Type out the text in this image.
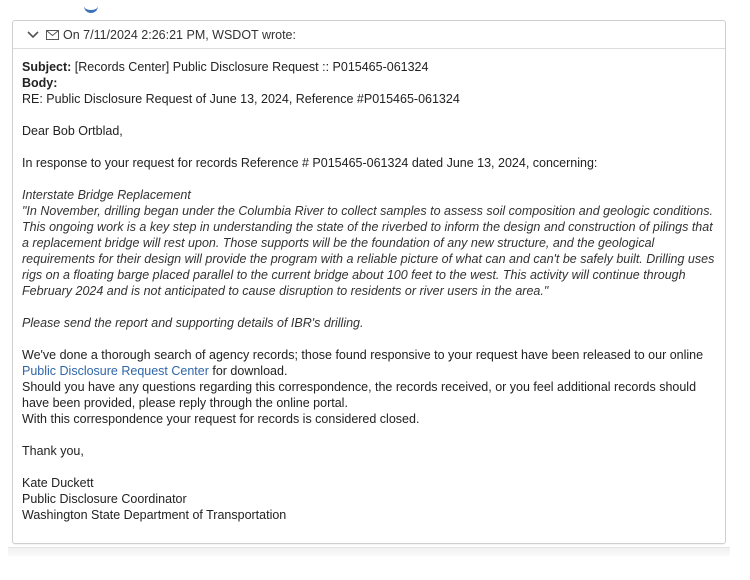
On 7/11/2024 2:26:21 PM, WSDOT wrote:

Subject: [Records Center] Public Disclosure Request :: P015465-061324

Body:

RE: Public Disclosure Request of June 13, 2024, Reference #P015465-061324

Dear Bob Ortblad,

In response to your request for records Reference # P015465-061324 dated June 13, 2024, concerning:

Interstate Bridge Replacement

"In November, drilling began under the Columbia River to collect samples to assess soil composition and geologic conditions. This ongoing work is a key step in understanding the state of the riverbed to inform the design and construction of pilings that a replacement bridge will rest upon. Those supports will be the foundation of any new structure, and the geological requirements for their design will provide the program with a reliable picture of what can and can't be safely built. Drilling uses rigs on a floating barge placed parallel to the current bridge about 100 feet to the west. This activity will continue through February 2024 and is not anticipated to cause disruption to residents or river users in the area."

Please send the report and supporting details of IBR's drilling.

We've done a thorough search of agency records; those found responsive to your request have been released to our online Public Disclosure Request Center for download.

Should you have any questions regarding this correspondence, the records received, or you feel additional records should have been provided, please reply through the online portal.

With this correspondence your request for records is considered closed.

Thank you,

Kate Duckett

Public Disclosure Coordinator

Washington State Department of Transportation
